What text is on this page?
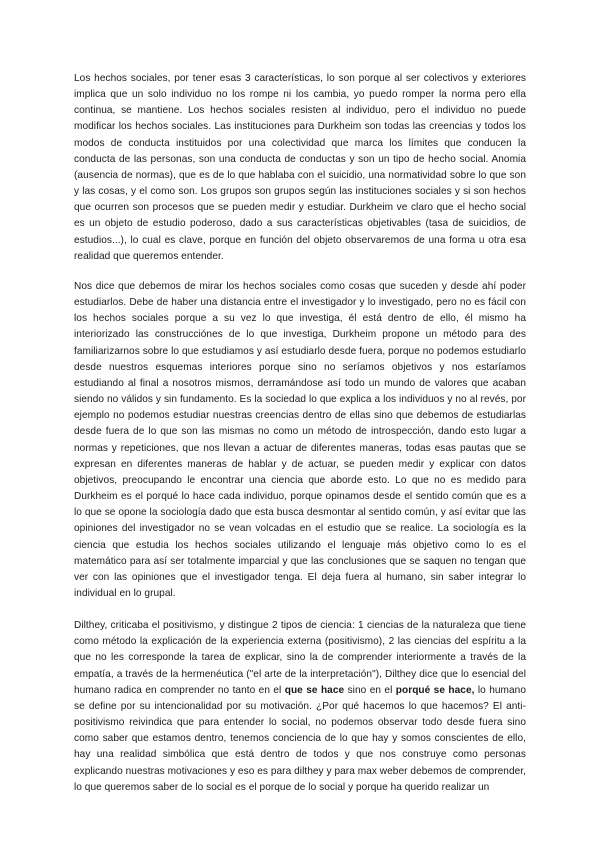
Los hechos sociales, por tener esas 3 características, lo son porque al ser colectivos y exteriores implica que un solo individuo no los rompe ni los cambia, yo puedo romper la norma pero ella continua, se mantiene. Los hechos sociales resisten al individuo, pero el individuo no puede modificar los hechos sociales. Las instituciones para Durkheim son todas las creencias y todos los modos de conducta instituidos por una colectividad que marca los límites que conducen la conducta de las personas, son una conducta de conductas y son un tipo de hecho social. Anomia (ausencia de normas), que es de lo que hablaba con el suicidio, una normatividad sobre lo que son y las cosas, y el como son. Los grupos son grupos según las instituciones sociales y si son hechos que ocurren son procesos que se pueden medir y estudiar. Durkheim ve claro que el hecho social es un objeto de estudio poderoso, dado a sus características objetivables (tasa de suicidios, de estudios...), lo cual es clave, porque en función del objeto observaremos de una forma u otra esa realidad que queremos entender.

Nos dice que debemos de mirar los hechos sociales como cosas que suceden y desde ahí poder estudiarlos. Debe de haber una distancia entre el investigador y lo investigado, pero no es fácil con los hechos sociales porque a su vez lo que investiga, él está dentro de ello, él mismo ha interiorizado las construcciónes de lo que investiga, Durkheim propone un método para des familiarizarnos sobre lo que estudiamos y así estudiarlo desde fuera, porque no podemos estudiarlo desde nuestros esquemas interiores porque sino no seríamos objetivos y nos estaríamos estudiando al final a nosotros mismos, derramándose así todo un mundo de valores que acaban siendo no válidos y sin fundamento. Es la sociedad lo que explica a los individuos y no al revés, por ejemplo no podemos estudiar nuestras creencias dentro de ellas sino que debemos de estudiarlas desde fuera de lo que son las mismas no como un método de introspección, dando esto lugar a normas y repeticiones, que nos llevan a actuar de diferentes maneras, todas esas pautas que se expresan en diferentes maneras de hablar y de actuar, se pueden medir y explicar con datos objetivos, preocupando le encontrar una ciencia que aborde esto. Lo que no es medido para Durkheim es el porqué lo hace cada individuo, porque opinamos desde el sentido común que es a lo que se opone la sociología dado que esta busca desmontar al sentido común, y así evitar que las opiniones del investigador no se vean volcadas en el estudio que se realice. La sociología es la ciencia que estudia los hechos sociales utilizando el lenguaje más objetivo como lo es el matemático para así ser totalmente imparcial y que las conclusiones que se saquen no tengan que ver con las opiniones que el investigador tenga. El deja fuera al humano, sin saber integrar lo individual en lo grupal.

Dilthey, criticaba el positivismo, y distingue 2 tipos de ciencia: 1 ciencias de la naturaleza que tiene como método la explicación de la experiencia externa (positivismo), 2 las ciencias del espíritu a la que no les corresponde la tarea de explicar, sino la de comprender interiormente a través de la empatía, a través de la hermenéutica ("el arte de la interpretación"), Dilthey dice que lo esencial del humano radica en comprender no tanto en el que se hace sino en el porqué se hace, lo humano se define por su intencionalidad por su motivación. ¿Por qué hacemos lo que hacemos? El anti-positivismo reivindica que para entender lo social, no podemos observar todo desde fuera sino como saber que estamos dentro, tenemos conciencia de lo que hay y somos conscientes de ello, hay una realidad simbólica que está dentro de todos y que nos construye como personas explicando nuestras motivaciones y eso es para dilthey y para max weber debemos de comprender, lo que queremos saber de lo social es el porque de lo social y porque ha querido realizar un
